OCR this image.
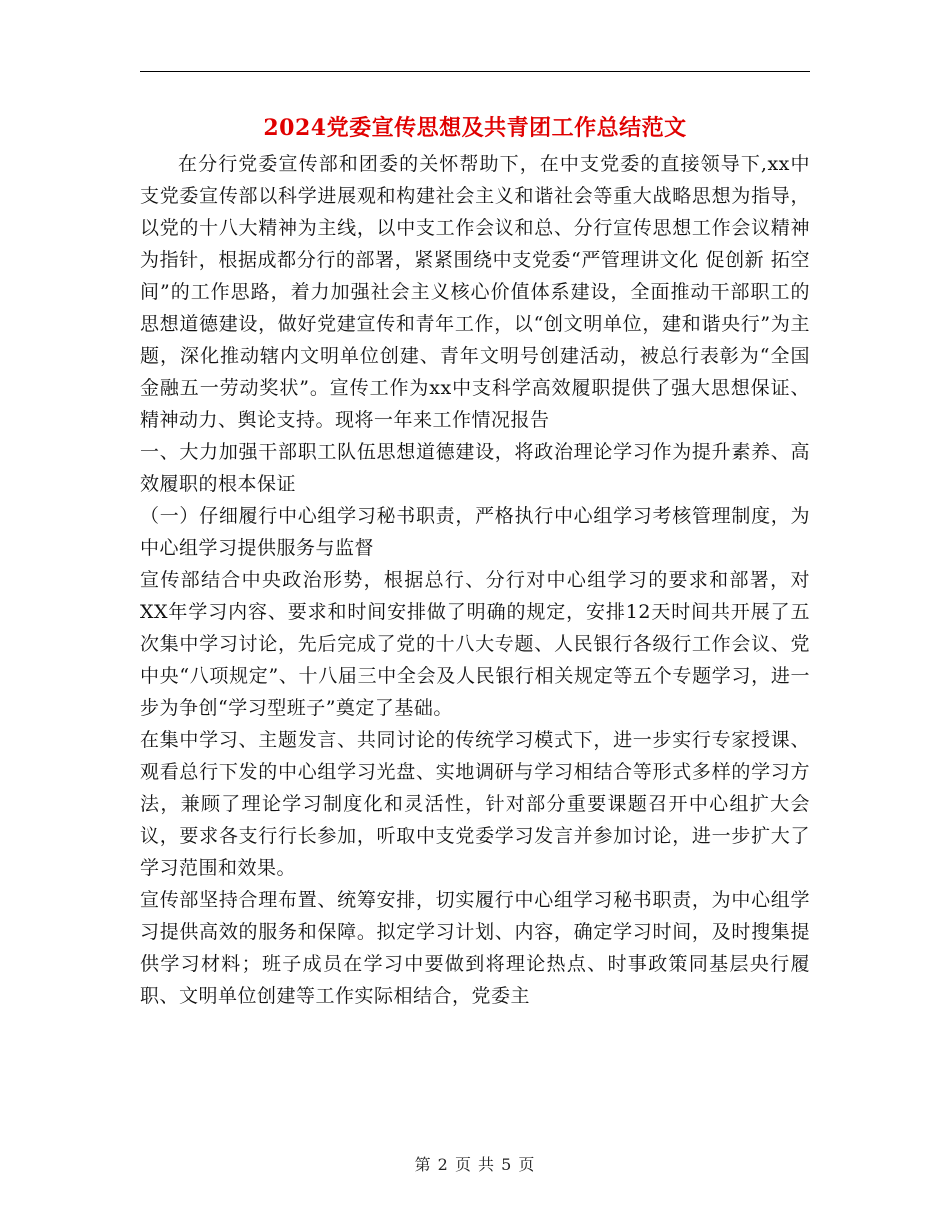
2024党委宣传思想及共青团工作总结范文

在分行党委宣传部和团委的关怀帮助下，在中支党委的直接领导下,xx中支党委宣传部以科学进展观和构建社会主义和谐社会等重大战略思想为指导，以党的十八大精神为主线，以中支工作会议和总、分行宣传思想工作会议精神为指针，根据成都分行的部署，紧紧围绕中支党委“严管理讲文化 促创新 拓空间”的工作思路，着力加强社会主义核心价值体系建设，全面推动干部职工的思想道德建设，做好党建宣传和青年工作，以“创文明单位，建和谐央行”为主题，深化推动辖内文明单位创建、青年文明号创建活动，被总行表彰为“全国金融五一劳动奖状”。宣传工作为xx中支科学高效履职提供了强大思想保证、精神动力、舆论支持。现将一年来工作情况报告

一、大力加强干部职工队伍思想道德建设，将政治理论学习作为提升素养、高效履职的根本保证

（一）仔细履行中心组学习秘书职责，严格执行中心组学习考核管理制度，为中心组学习提供服务与监督

宣传部结合中央政治形势，根据总行、分行对中心组学习的要求和部署，对XX年学习内容、要求和时间安排做了明确的规定，安排12天时间共开展了五次集中学习讨论，先后完成了党的十八大专题、人民银行各级行工作会议、党中央“八项规定”、十八届三中全会及人民银行相关规定等五个专题学习，进一步为争创“学习型班子”奠定了基础。

在集中学习、主题发言、共同讨论的传统学习模式下，进一步实行专家授课、观看总行下发的中心组学习光盘、实地调研与学习相结合等形式多样的学习方法，兼顾了理论学习制度化和灵活性，针对部分重要课题召开中心组扩大会议，要求各支行行长参加，听取中支党委学习发言并参加讨论，进一步扩大了学习范围和效果。

宣传部坚持合理布置、统筹安排，切实履行中心组学习秘书职责，为中心组学习提供高效的服务和保障。拟定学习计划、内容，确定学习时间，及时搜集提供学习材料；班子成员在学习中要做到将理论热点、时事政策同基层央行履职、文明单位创建等工作实际相结合，党委主

第 2 页 共 5 页
